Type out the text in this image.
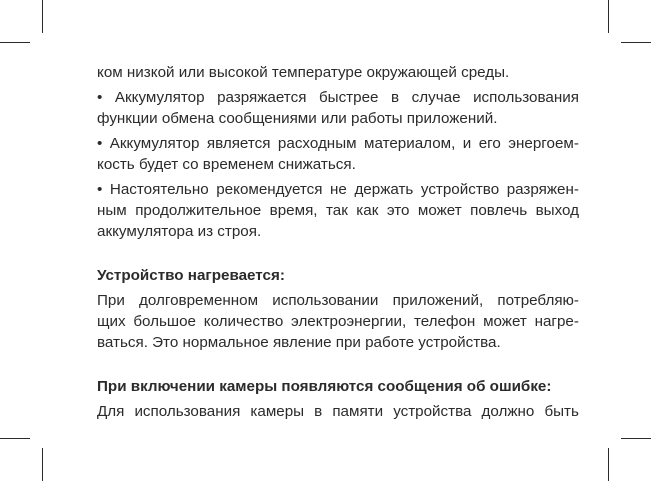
ком низкой или высокой температуре окружающей среды.
• Аккумулятор разряжается быстрее в случае использования
функции обмена сообщениями или работы приложений.
• Аккумулятор является расходным материалом, и его энергоем-
кость будет со временем снижаться.
• Настоятельно рекомендуется не держать устройство разряжен-
ным продолжительное время, так как это может повлечь выход
аккумулятора из строя.
Устройство нагревается:
При долговременном использовании приложений, потребляю-
щих большое количество электроэнергии, телефон может нагре-
ваться. Это нормальное явление при работе устройства.
При включении камеры появляются сообщения об ошибке:
Для использования камеры в памяти устройства должно быть
